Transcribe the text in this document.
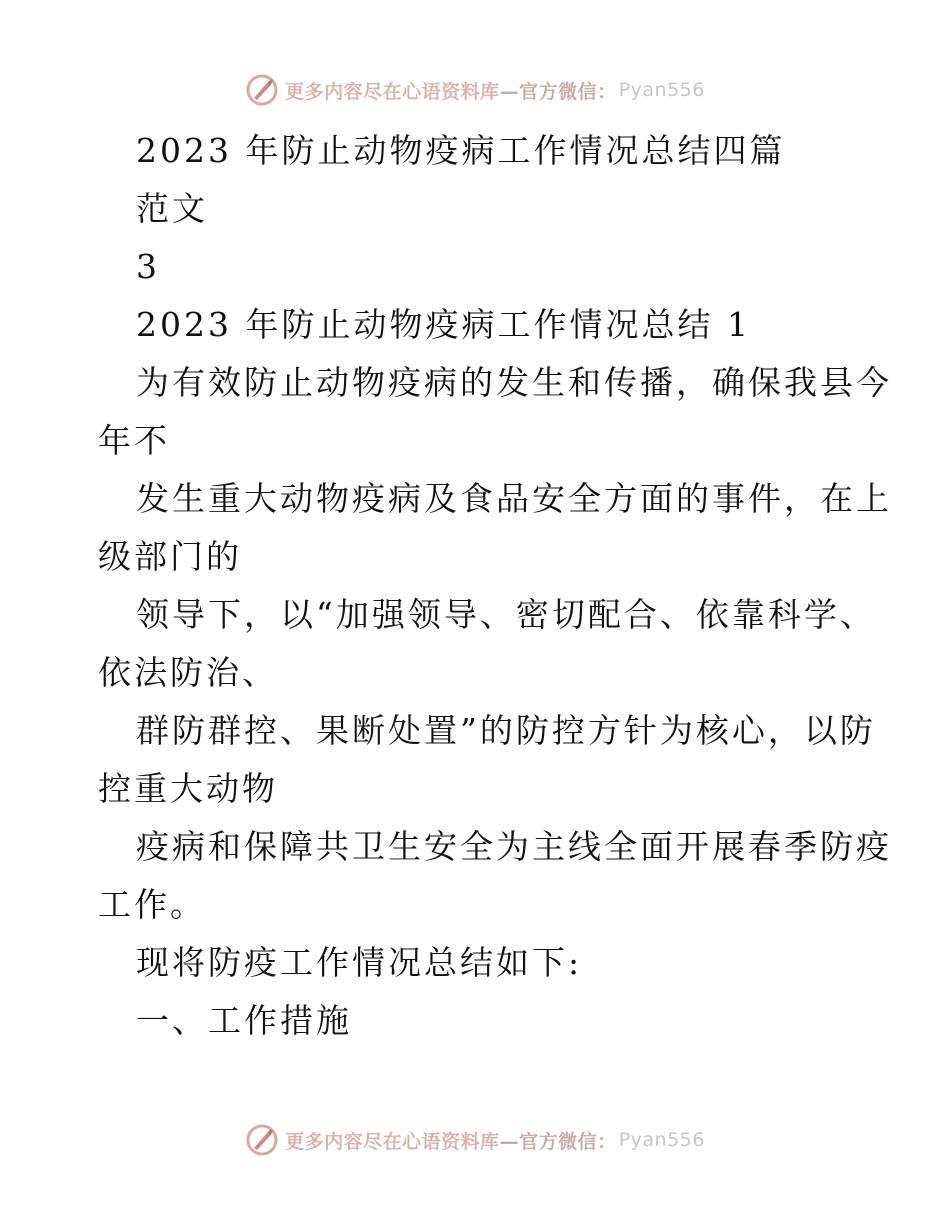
更多内容尽在心语资料库 —官方微信： Pyan556
2023 年防止动物疫病工作情况总结四篇
范文
3
2023 年防止动物疫病工作情况总结 1
为有效防止动物疫病的发生和传播，确保我县今
年不
发生重大动物疫病及食品安全方面的事件，在上
级部门的
领导下，以“加强领导、密切配合、依靠科学、
依法防治、
群防群控、果断处置”的防控方针为核心，以防
控重大动物
疫病和保障共卫生安全为主线全面开展春季防疫
工作。
现将防疫工作情况总结如下:
一、工作措施
更多内容尽在心语资料库 —官方微信： Pyan556
